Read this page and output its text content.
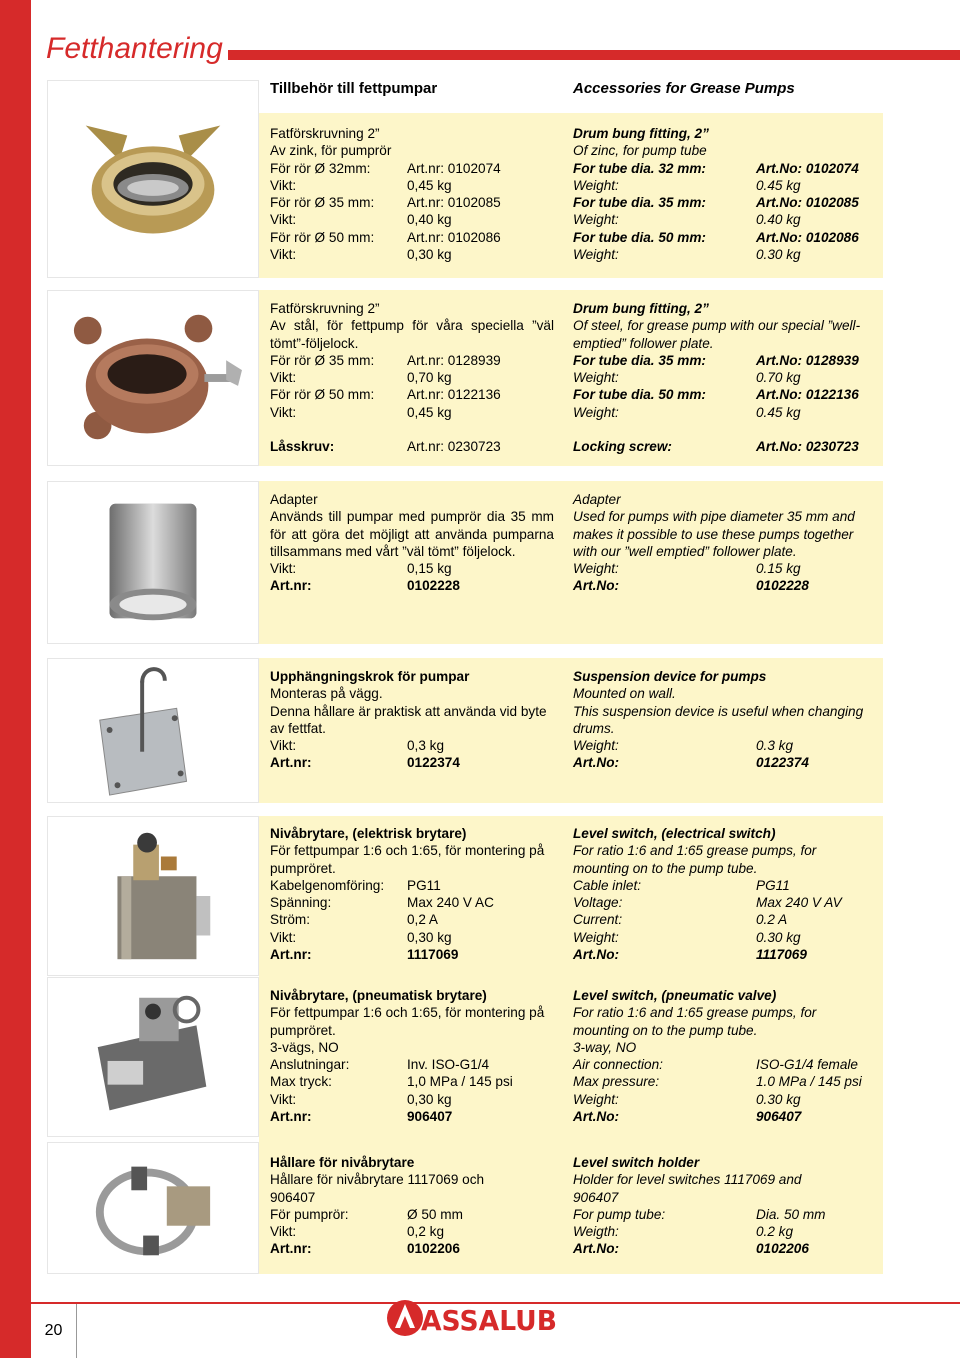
Fetthantering
Tillbehör till fettpumpar	Accessories for Grease Pumps
Fatförskruvning 2”
Av zink, för pumprör
För rör Ø 32mm:	Art.nr: 0102074
Vikt:	0,45 kg
För rör Ø 35 mm:	Art.nr: 0102085
Vikt:	0,40 kg
För rör Ø 50 mm:	Art.nr: 0102086
Vikt:	0,30 kg
Drum bung fitting, 2”
Of zinc, for pump tube
For tube dia. 32 mm:	Art.No: 0102074
Weight:	0.45 kg
For tube dia. 35 mm:	Art.No: 0102085
Weight:	0.40 kg
For tube dia. 50 mm:	Art.No: 0102086
Weight:	0.30 kg
Fatförskruvning 2”
Av stål, för fettpump för våra speciella ”väl tömt”-följelock.
För rör Ø 35 mm:	Art.nr: 0128939
Vikt:	0,70 kg
För rör Ø 50 mm:	Art.nr: 0122136
Vikt:	0,45 kg
Låsskruv:	Art.nr: 0230723
Drum bung fitting, 2”
Of steel, for grease pump with our special ”well-emptied” follower plate.
For tube dia. 35 mm:	Art.No: 0128939
Weight:	0.70 kg
For tube dia. 50 mm:	Art.No: 0122136
Weight:	0.45 kg
Locking screw:	Art.No: 0230723
Adapter
Används till pumpar med pumprör dia 35 mm för att göra det möjligt att använda pumparna tillsammans med vårt ”väl tömt” följelock.
Vikt:	0,15 kg
Art.nr:	0102228
Adapter
Used for pumps with pipe diameter 35 mm and makes it possible to use these pumps together with our ”well emptied” follower plate.
Weight:	0.15 kg
Art.No:	0102228
Upphängningskrok för pumpar
Monteras på vägg.
Denna hållare är praktisk att använda vid byte av fettfat.
Vikt:	0,3 kg
Art.nr:	0122374
Suspension device for pumps
Mounted on wall.
This suspension device is useful when changing drums.
Weight:	0.3 kg
Art.No:	0122374
Nivåbrytare, (elektrisk brytare)
För fettpumpar 1:6 och 1:65, för montering på pumpröret.
Kabelgenomföring:	PG11
Spänning:	Max 240 V AC
Ström:	0,2 A
Vikt:	0,30 kg
Art.nr:	1117069
Level switch, (electrical switch)
For ratio 1:6 and 1:65 grease pumps, for mounting on to the pump tube.
Cable inlet:	PG11
Voltage:	Max 240 V AV
Current:	0.2 A
Weight:	0.30 kg
Art.No:	1117069
Nivåbrytare, (pneumatisk brytare)
För fettpumpar 1:6 och 1:65, för montering på pumpröret.
3-vägs, NO
Anslutningar:	Inv. ISO-G1/4
Max tryck:	1,0 MPa / 145 psi
Vikt:	0,30 kg
Art.nr:	906407
Level switch, (pneumatic valve)
For ratio 1:6 and 1:65 grease pumps, for mounting on to the pump tube.
3-way, NO
Air connection:	ISO-G1/4 female
Max pressure:	1.0 MPa / 145 psi
Weight:	0.30 kg
Art.No:	906407
Hållare för nivåbrytare
Hållare för nivåbrytare 1117069 och 906407
För pumprör:	Ø 50 mm
Vikt:	0,2 kg
Art.nr:	0102206
Level switch holder
Holder for level switches 1117069 and 906407
For pump tube:	Dia. 50 mm
Weigth:	0.2 kg
Art.No:	0102206
20	ASSALUB
